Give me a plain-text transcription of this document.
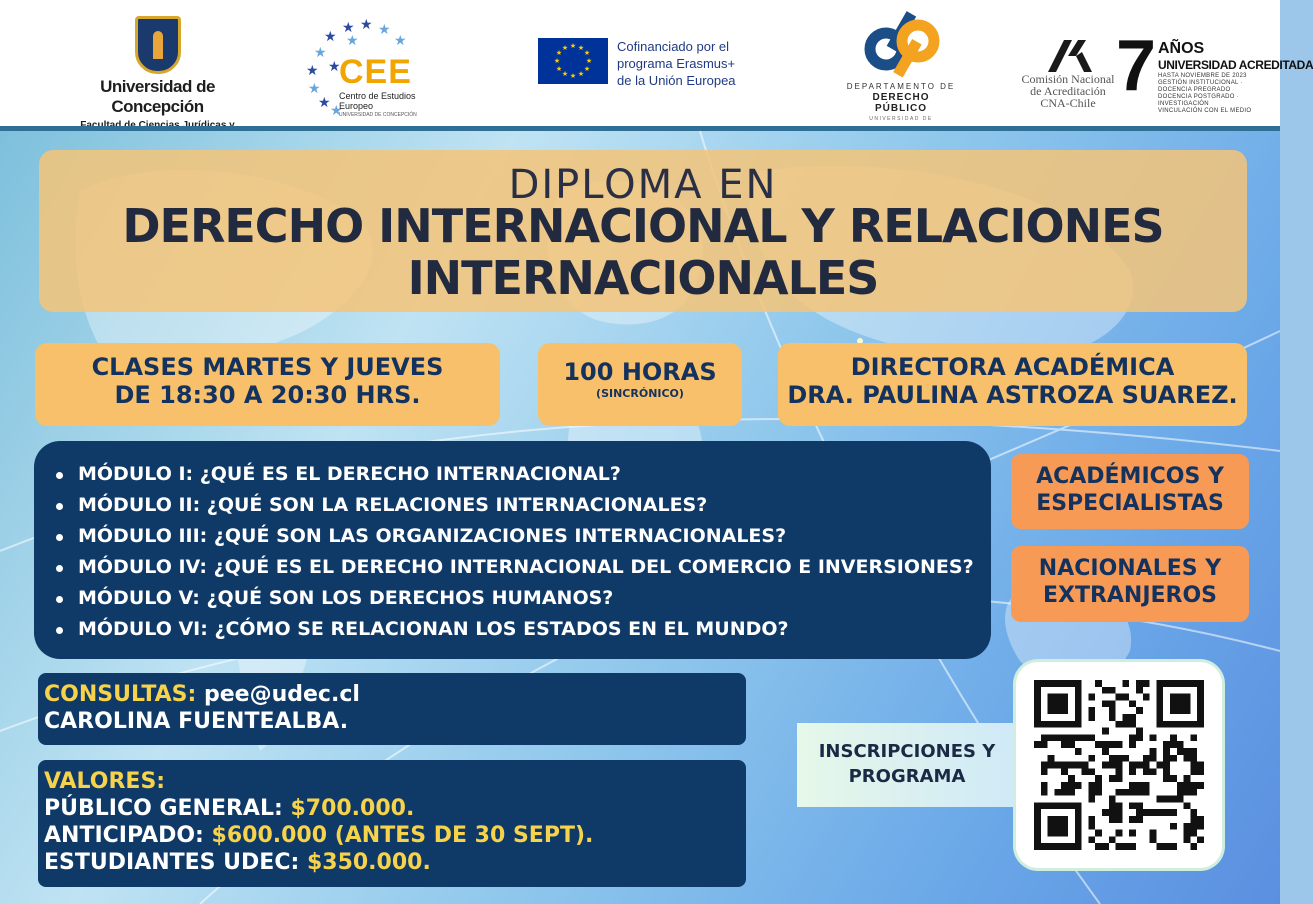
Universidad de Concepción
★ ★ ★
★
★
★
★
★
★ ★
★
★
CEE
Centro de Estudios Europeo
UNIVERSIDAD DE CONCEPCIÓN
★ ★
★
★
★
★
★
★
★
★
★
★	Cofinanciado por el
programa Erasmus+
de la Unión Europea	DEPARTAMENTO DE
DERECHO PÚBLICO
UNIVERSIDAD DE
Comisión Nacional
de Acreditación
CNA-Chile 7 AÑOS
UNIVERSIDAD ACREDITADA
HASTA NOVIEMBRE DE 2023
GESTIÓN INSTITUCIONAL · DOCENCIA PREGRADO
DOCENCIA POSTGRADO · INVESTIGACIÓN
VINCULACIÓN CON EL MEDIO
DIPLOMA EN
DERECHO INTERNACIONAL Y RELACIONES
INTERNACIONALES
CLASES MARTES Y JUEVES
DE 18:30 A 20:30 HRS.
100 HORAS
(SINCRÓNICO)
DIRECTORA ACADÉMICA
DRA. PAULINA ASTROZA SUAREZ.
MÓDULO I: ¿QUÉ ES EL DERECHO INTERNACIONAL?
MÓDULO II: ¿QUÉ SON LA RELACIONES INTERNACIONALES?
MÓDULO III: ¿QUÉ SON LAS ORGANIZACIONES INTERNACIONALES?
MÓDULO IV: ¿QUÉ ES EL DERECHO INTERNACIONAL DEL COMERCIO E INVERSIONES?
MÓDULO V: ¿QUÉ SON LOS DERECHOS HUMANOS?
MÓDULO VI: ¿CÓMO SE RELACIONAN LOS ESTADOS EN EL MUNDO?
ACADÉMICOS Y
ESPECIALISTAS
NACIONALES Y
EXTRANJEROS
CONSULTAS: pee@udec.cl
CAROLINA FUENTEALBA.
VALORES:
PÚBLICO GENERAL: $700.000.
ANTICIPADO: $600.000 (ANTES DE 30 SEPT).
ESTUDIANTES UDEC: $350.000.
INSCRIPCIONES Y
PROGRAMA
